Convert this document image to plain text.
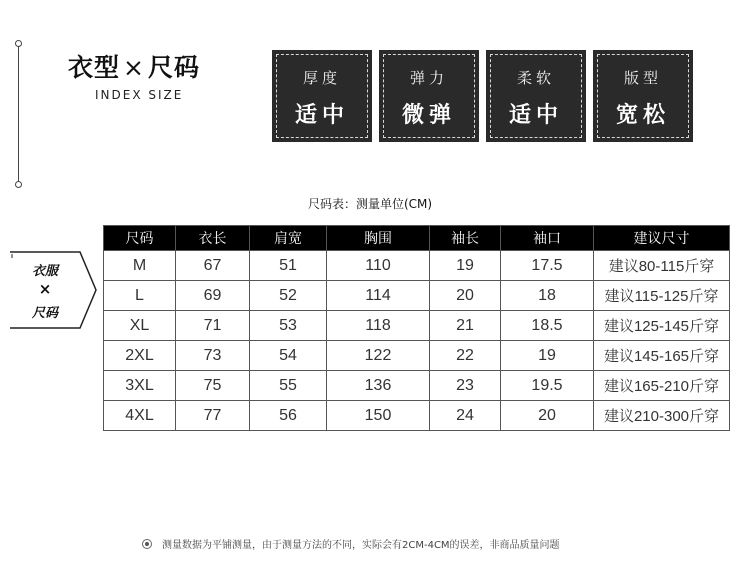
衣型 × 尺码
INDEX SIZE
厚度
适中
弹力
微弹
柔软
适中
版型
宽松
尺码表：测量单位(CM)
衣服
×
尺码
尺码	衣长	肩宽	胸围	袖长	袖口	建议尺寸
M	67	51	110	19	17.5	建议80-115斤穿
L	69	52	114	20	18	建议115-125斤穿
XL	71	53	118	21	18.5	建议125-145斤穿
2XL	73	54	122	22	19	建议145-165斤穿
3XL	75	55	136	23	19.5	建议165-210斤穿
4XL	77	56	150	24	20	建议210-300斤穿
测量数据为平铺测量，由于测量方法的不同，实际会有2CM-4CM的误差，非商品质量问题
